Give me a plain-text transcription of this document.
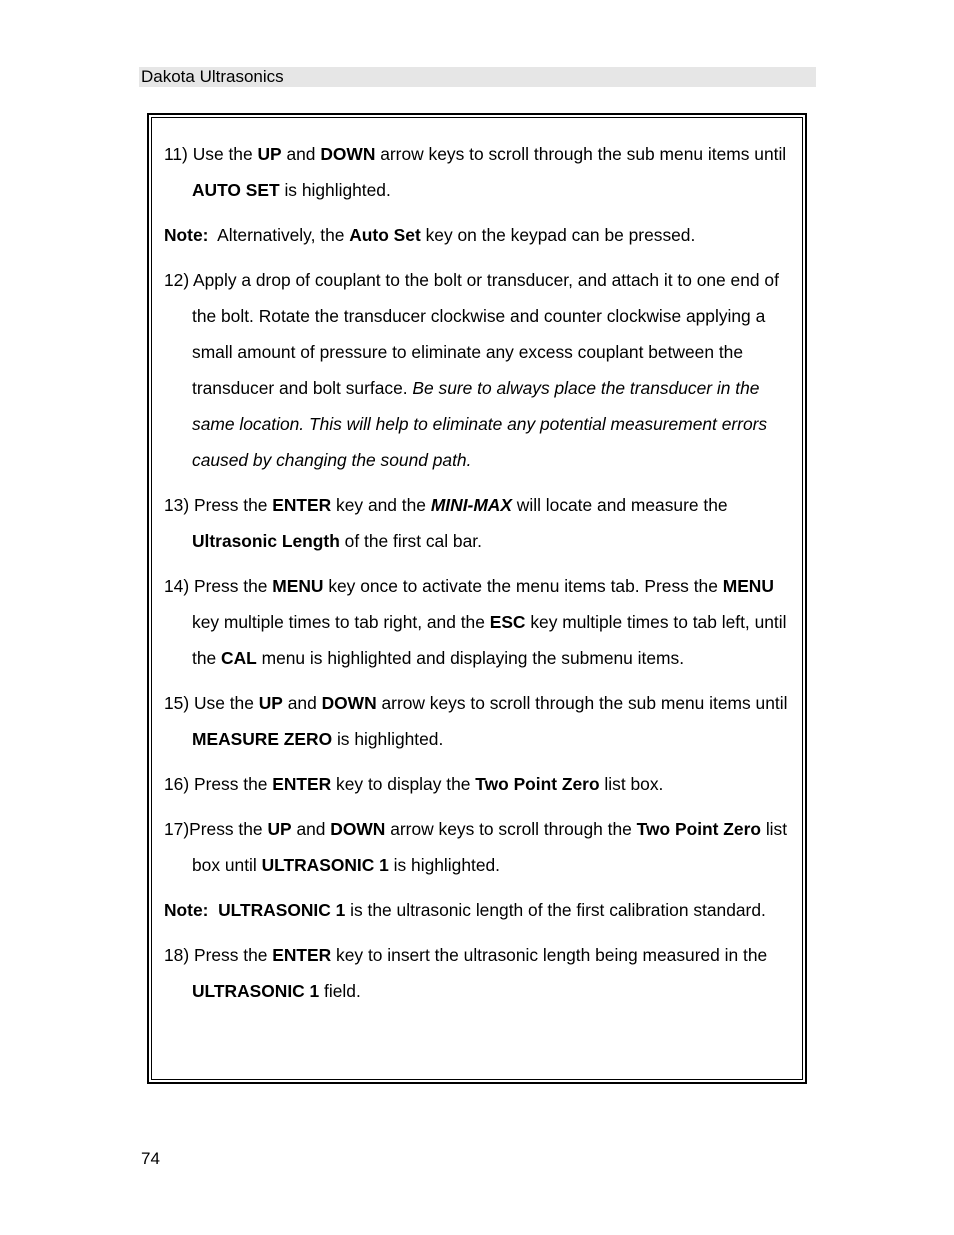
Dakota Ultrasonics

11) Use the UP and DOWN arrow keys to scroll through the sub menu items until AUTO SET is highlighted.

Note:  Alternatively, the Auto Set key on the keypad can be pressed.

12) Apply a drop of couplant to the bolt or transducer, and attach it to one end of the bolt. Rotate the transducer clockwise and counter clockwise applying a small amount of pressure to eliminate any excess couplant between the transducer and bolt surface. Be sure to always place the transducer in the same location. This will help to eliminate any potential measurement errors caused by changing the sound path.

13) Press the ENTER key and the MINI-MAX will locate and measure the Ultrasonic Length of the first cal bar.

14) Press the MENU key once to activate the menu items tab. Press the MENU key multiple times to tab right, and the ESC key multiple times to tab left, until the CAL menu is highlighted and displaying the submenu items.

15) Use the UP and DOWN arrow keys to scroll through the sub menu items until MEASURE ZERO is highlighted.

16) Press the ENTER key to display the Two Point Zero list box.

17)Press the UP and DOWN arrow keys to scroll through the Two Point Zero list box until ULTRASONIC 1 is highlighted.

Note:  ULTRASONIC 1 is the ultrasonic length of the first calibration standard.

18) Press the ENTER key to insert the ultrasonic length being measured in the ULTRASONIC 1 field.

74
